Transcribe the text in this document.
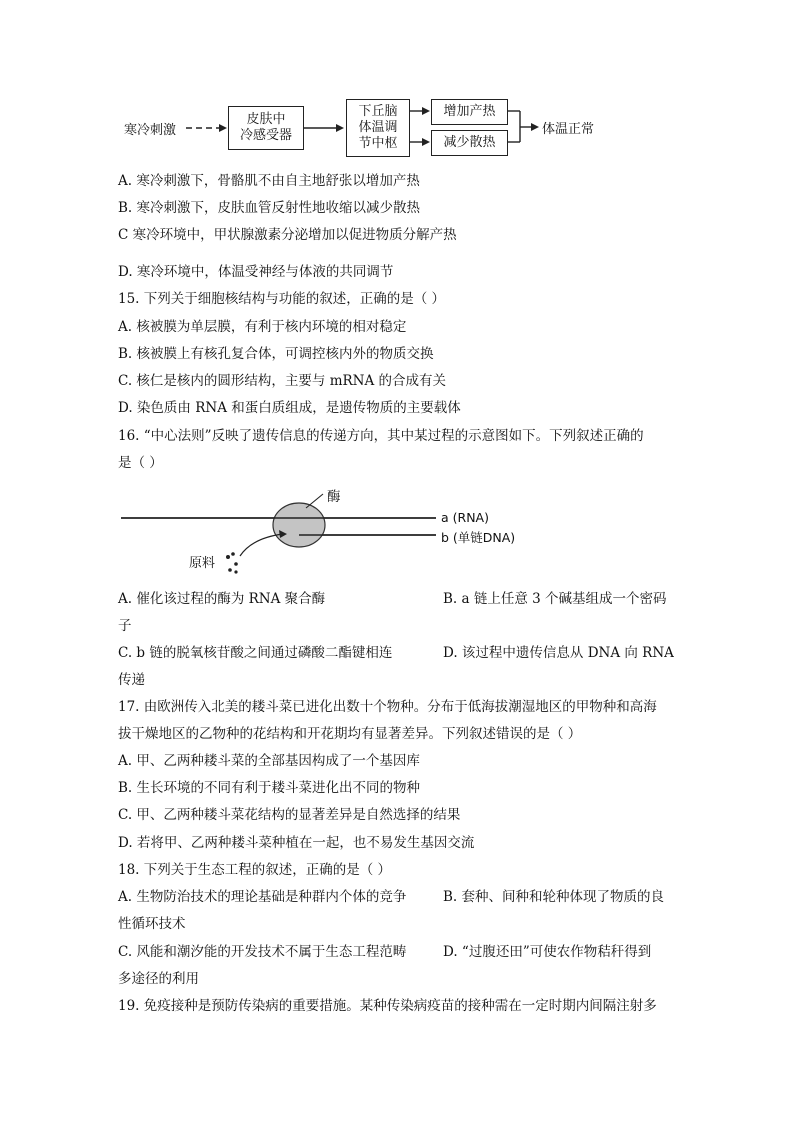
寒冷刺激
皮肤中
冷感受器
下丘脑
体温调
节中枢
增加产热
减少散热
体温正常
A. 寒冷刺激下，骨骼肌不由自主地舒张以增加产热
B. 寒冷刺激下，皮肤血管反射性地收缩以减少散热
C 寒冷环境中，甲状腺激素分泌增加以促进物质分解产热
D. 寒冷环境中，体温受神经与体液的共同调节
15. 下列关于细胞核结构与功能的叙述，正确的是（ ）
A. 核被膜为单层膜，有利于核内环境的相对稳定
B. 核被膜上有核孔复合体，可调控核内外的物质交换
C. 核仁是核内的圆形结构，主要与 mRNA 的合成有关
D. 染色质由 RNA 和蛋白质组成，是遗传物质的主要载体
16. “中心法则”反映了遗传信息的传递方向，其中某过程的示意图如下。下列叙述正确的
是（ ）
酶
a (RNA)
b (单链DNA)
原料
A. 催化该过程的酶为 RNA 聚合酶	B. a 链上任意 3 个碱基组成一个密码
子
C. b 链的脱氧核苷酸之间通过磷酸二酯键相连	D. 该过程中遗传信息从 DNA 向 RNA
传递
17. 由欧洲传入北美的耧斗菜已进化出数十个物种。分布于低海拔潮湿地区的甲物种和高海
拔干燥地区的乙物种的花结构和开花期均有显著差异。下列叙述错误的是（ ）
A. 甲、乙两种耧斗菜的全部基因构成了一个基因库
B. 生长环境的不同有利于耧斗菜进化出不同的物种
C. 甲、乙两种耧斗菜花结构的显著差异是自然选择的结果
D. 若将甲、乙两种耧斗菜种植在一起，也不易发生基因交流
18. 下列关于生态工程的叙述，正确的是（ ）
A. 生物防治技术的理论基础是种群内个体的竞争	B. 套种、间种和轮种体现了物质的良
性循环技术
C. 风能和潮汐能的开发技术不属于生态工程范畴	D. “过腹还田”可使农作物秸秆得到
多途径的利用
19. 免疫接种是预防传染病的重要措施。某种传染病疫苗的接种需在一定时期内间隔注射多
